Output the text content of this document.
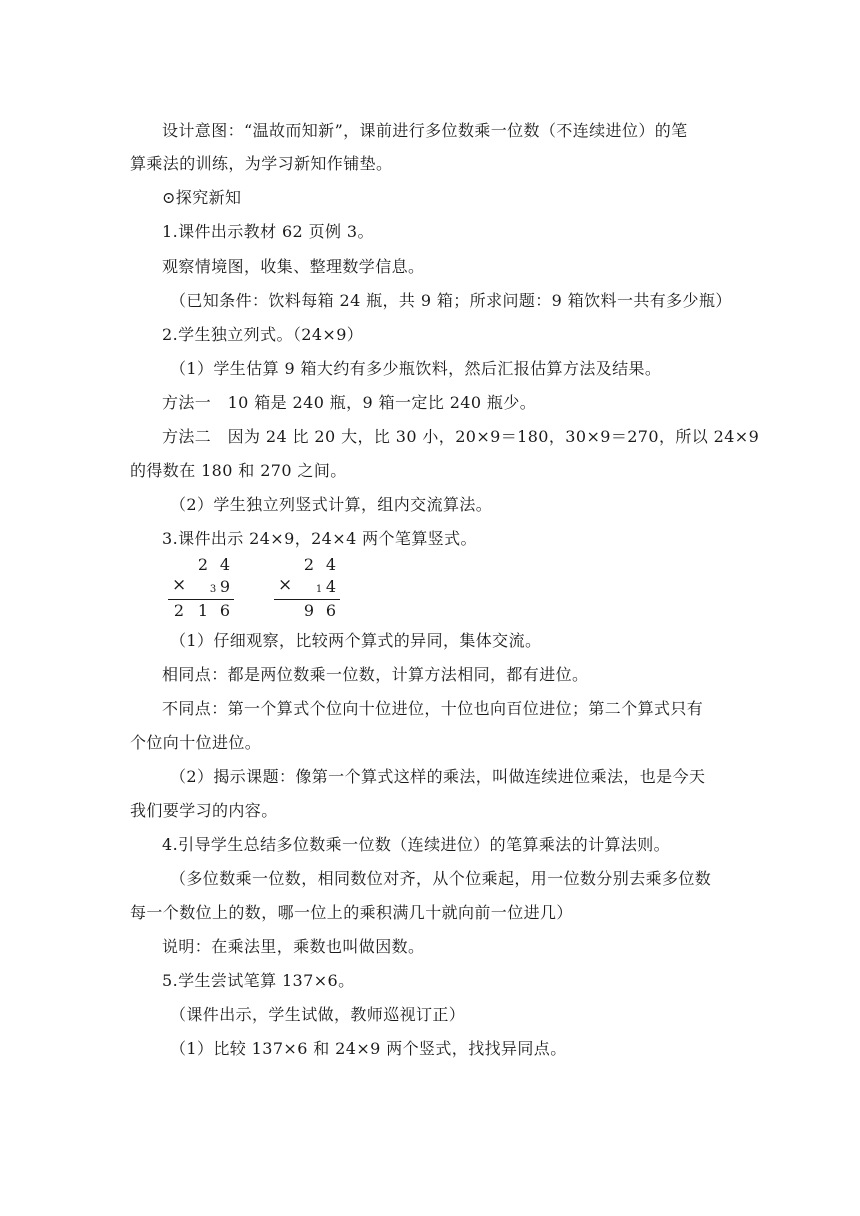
设计意图：“温故而知新”，课前进行多位数乘一位数（不连续进位）的笔
算乘法的训练，为学习新知作铺垫。
⊙探究新知
1.课件出示教材 62 页例 3。
观察情境图，收集、整理数学信息。
（已知条件：饮料每箱 24 瓶，共 9 箱；所求问题：9 箱饮料一共有多少瓶）
2.学生独立列式。（24×9）
（1）学生估算 9 箱大约有多少瓶饮料，然后汇报估算方法及结果。
方法一　10 箱是 240 瓶，9 箱一定比 240 瓶少。
方法二　因为 24 比 20 大，比 30 小，20×9＝180，30×9＝270，所以 24×9
的得数在 180 和 270 之间。
（2）学生独立列竖式计算，组内交流算法。
3.课件出示 24×9，24×4 两个笔算竖式。
2 4
× 3 9
2 1 6
2 4
× 1 4
9 6
（1）仔细观察，比较两个算式的异同，集体交流。
相同点：都是两位数乘一位数，计算方法相同，都有进位。
不同点：第一个算式个位向十位进位，十位也向百位进位；第二个算式只有
个位向十位进位。
（2）揭示课题：像第一个算式这样的乘法，叫做连续进位乘法，也是今天
我们要学习的内容。
4.引导学生总结多位数乘一位数（连续进位）的笔算乘法的计算法则。
（多位数乘一位数，相同数位对齐，从个位乘起，用一位数分别去乘多位数
每一个数位上的数，哪一位上的乘积满几十就向前一位进几）
说明：在乘法里，乘数也叫做因数。
5.学生尝试笔算 137×6。
（课件出示，学生试做，教师巡视订正）
（1）比较 137×6 和 24×9 两个竖式，找找异同点。
